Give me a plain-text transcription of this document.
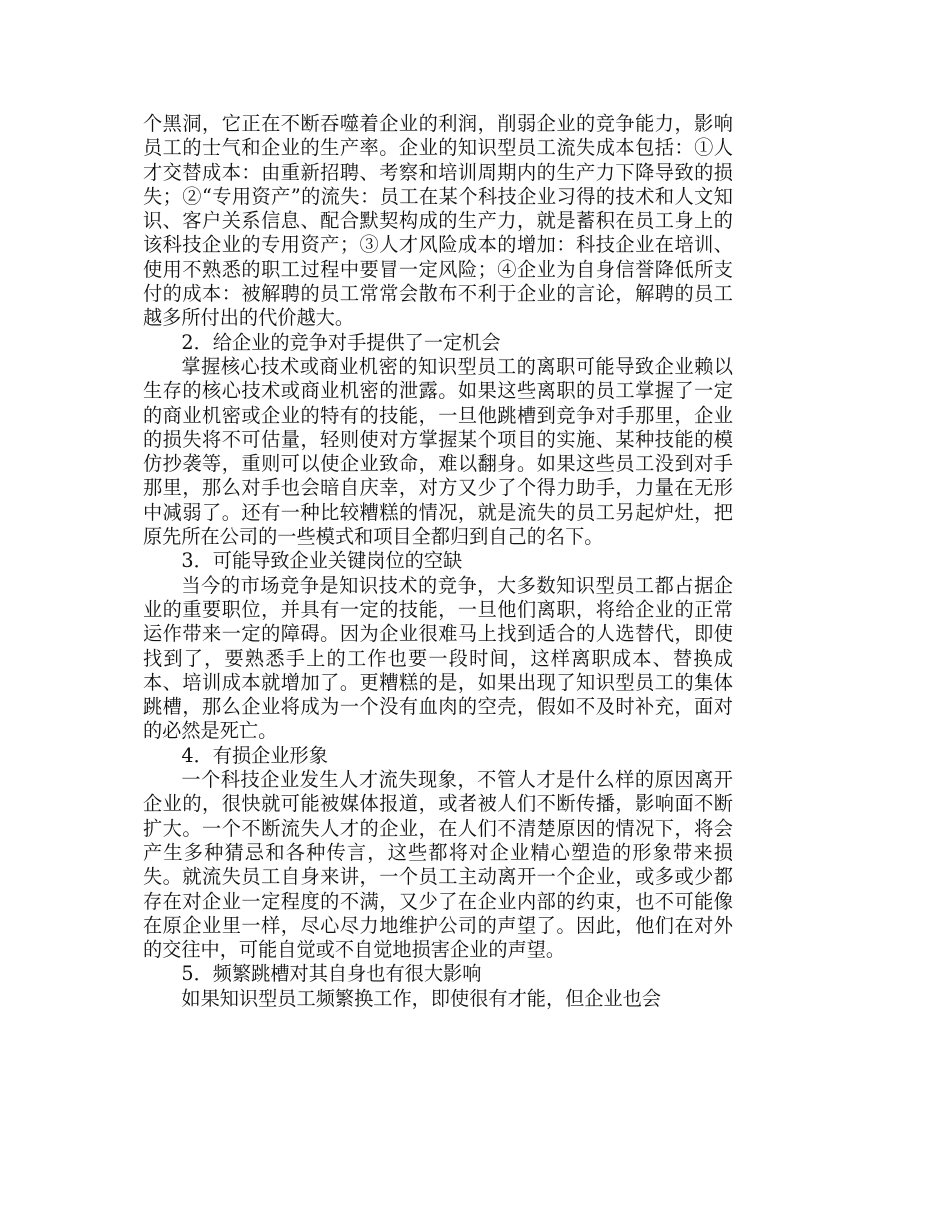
个黑洞，它正在不断吞噬着企业的利润，削弱企业的竞争能力，影响员工的士气和企业的生产率。企业的知识型员工流失成本包括：①人才交替成本：由重新招聘、考察和培训周期内的生产力下降导致的损失；②“专用资产”的流失：员工在某个科技企业习得的技术和人文知识、客户关系信息、配合默契构成的生产力，就是蓄积在员工身上的该科技企业的专用资产；③人才风险成本的增加：科技企业在培训、使用不熟悉的职工过程中要冒一定风险；④企业为自身信誉降低所支付的成本：被解聘的员工常常会散布不利于企业的言论，解聘的员工越多所付出的代价越大。

2．给企业的竞争对手提供了一定机会

掌握核心技术或商业机密的知识型员工的离职可能导致企业赖以生存的核心技术或商业机密的泄露。如果这些离职的员工掌握了一定的商业机密或企业的特有的技能，一旦他跳槽到竞争对手那里，企业的损失将不可估量，轻则使对方掌握某个项目的实施、某种技能的模仿抄袭等，重则可以使企业致命，难以翻身。如果这些员工没到对手那里，那么对手也会暗自庆幸，对方又少了个得力助手，力量在无形中减弱了。还有一种比较糟糕的情况，就是流失的员工另起炉灶，把原先所在公司的一些模式和项目全都归到自己的名下。

3．可能导致企业关键岗位的空缺

当今的市场竞争是知识技术的竞争，大多数知识型员工都占据企业的重要职位，并具有一定的技能，一旦他们离职，将给企业的正常运作带来一定的障碍。因为企业很难马上找到适合的人选替代，即使找到了，要熟悉手上的工作也要一段时间，这样离职成本、替换成本、培训成本就增加了。更糟糕的是，如果出现了知识型员工的集体跳槽，那么企业将成为一个没有血肉的空壳，假如不及时补充，面对的必然是死亡。

4．有损企业形象

一个科技企业发生人才流失现象，不管人才是什么样的原因离开企业的，很快就可能被媒体报道，或者被人们不断传播，影响面不断扩大。一个不断流失人才的企业，在人们不清楚原因的情况下，将会产生多种猜忌和各种传言，这些都将对企业精心塑造的形象带来损失。就流失员工自身来讲，一个员工主动离开一个企业，或多或少都存在对企业一定程度的不满，又少了在企业内部的约束，也不可能像在原企业里一样，尽心尽力地维护公司的声望了。因此，他们在对外的交往中，可能自觉或不自觉地损害企业的声望。

5．频繁跳槽对其自身也有很大影响

如果知识型员工频繁换工作，即使很有才能，但企业也会
